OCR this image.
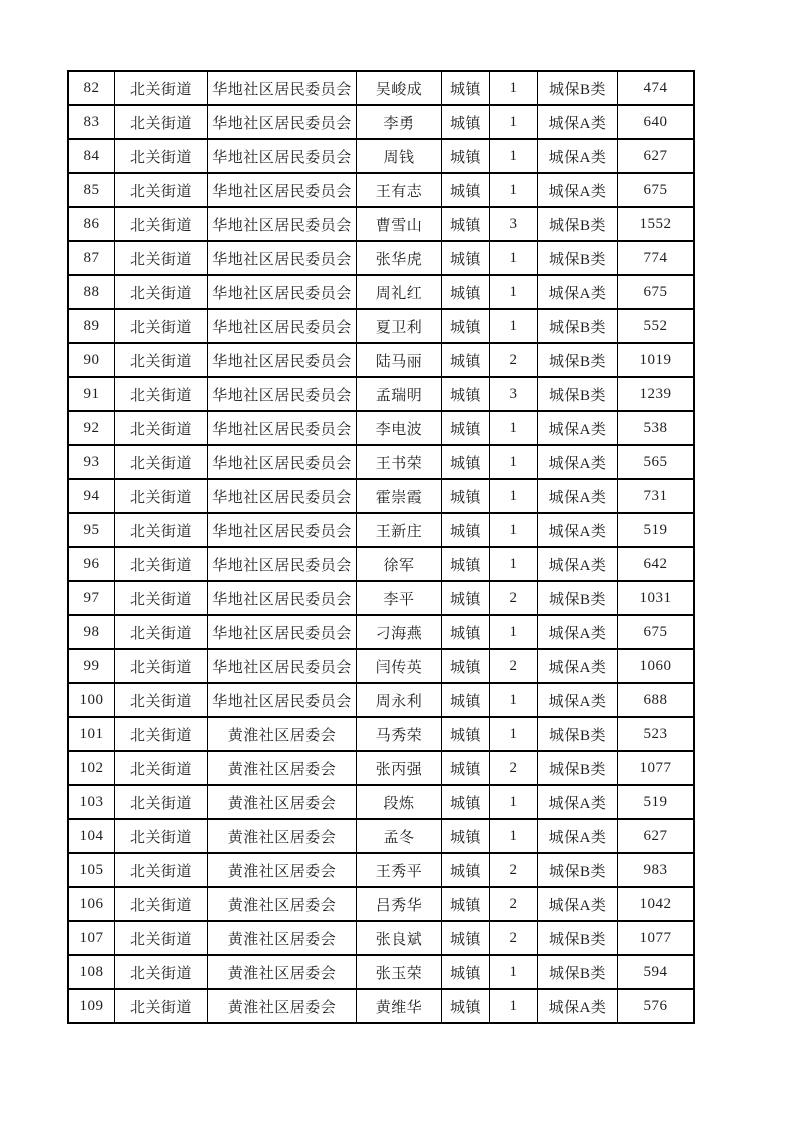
82	北关街道	华地社区居民委员会	吴峻成	城镇	1	城保B类	474
83	北关街道	华地社区居民委员会	李勇	城镇	1	城保A类	640
84	北关街道	华地社区居民委员会	周钱	城镇	1	城保A类	627
85	北关街道	华地社区居民委员会	王有志	城镇	1	城保A类	675
86	北关街道	华地社区居民委员会	曹雪山	城镇	3	城保B类	1552
87	北关街道	华地社区居民委员会	张华虎	城镇	1	城保B类	774
88	北关街道	华地社区居民委员会	周礼红	城镇	1	城保A类	675
89	北关街道	华地社区居民委员会	夏卫利	城镇	1	城保B类	552
90	北关街道	华地社区居民委员会	陆马丽	城镇	2	城保B类	1019
91	北关街道	华地社区居民委员会	孟瑞明	城镇	3	城保B类	1239
92	北关街道	华地社区居民委员会	李电波	城镇	1	城保A类	538
93	北关街道	华地社区居民委员会	王书荣	城镇	1	城保A类	565
94	北关街道	华地社区居民委员会	霍崇霞	城镇	1	城保A类	731
95	北关街道	华地社区居民委员会	王新庄	城镇	1	城保A类	519
96	北关街道	华地社区居民委员会	徐军	城镇	1	城保A类	642
97	北关街道	华地社区居民委员会	李平	城镇	2	城保B类	1031
98	北关街道	华地社区居民委员会	刁海燕	城镇	1	城保A类	675
99	北关街道	华地社区居民委员会	闫传英	城镇	2	城保A类	1060
100	北关街道	华地社区居民委员会	周永利	城镇	1	城保A类	688
101	北关街道	黄淮社区居委会	马秀荣	城镇	1	城保B类	523
102	北关街道	黄淮社区居委会	张丙强	城镇	2	城保B类	1077
103	北关街道	黄淮社区居委会	段炼	城镇	1	城保A类	519
104	北关街道	黄淮社区居委会	孟冬	城镇	1	城保A类	627
105	北关街道	黄淮社区居委会	王秀平	城镇	2	城保B类	983
106	北关街道	黄淮社区居委会	吕秀华	城镇	2	城保A类	1042
107	北关街道	黄淮社区居委会	张良斌	城镇	2	城保B类	1077
108	北关街道	黄淮社区居委会	张玉荣	城镇	1	城保B类	594
109	北关街道	黄淮社区居委会	黄维华	城镇	1	城保A类	576
